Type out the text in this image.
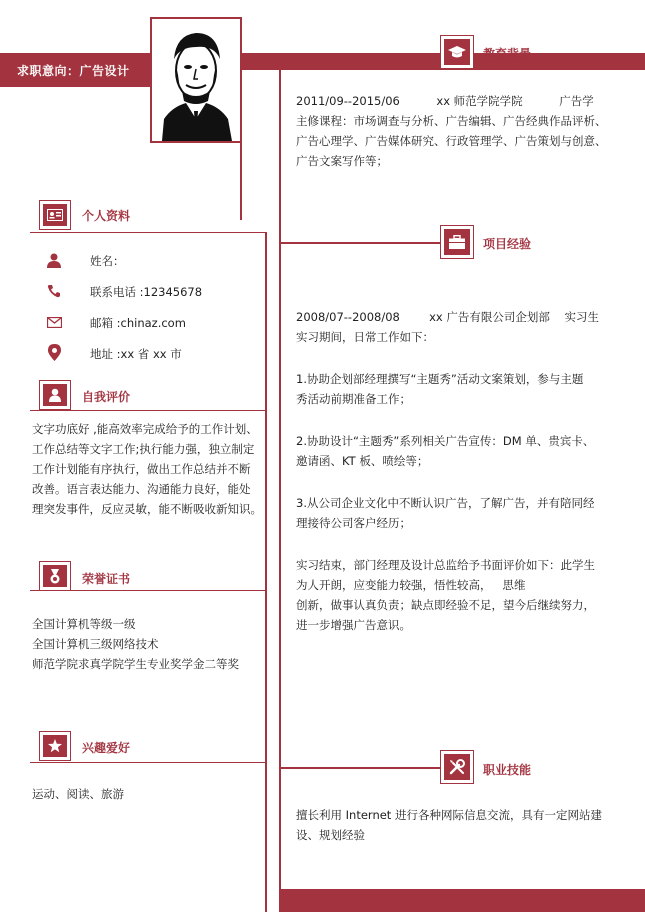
求职意向：广告设计
个人资料
姓名：
联系电话 :12345678
邮箱 :chinaz.com
地址 :xx 省 xx 市
自我评价
文字功底好 ,能高效率完成给予的工作计划、
工作总结等文字工作;执行能力强，独立制定
工作计划能有序执行，做出工作总结并不断
改善。语言表达能力、沟通能力良好，能处
理突发事件，反应灵敏，能不断吸收新知识。
荣誉证书
全国计算机等级一级
全国计算机三级网络技术
师范学院求真学院学生专业奖学金二等奖
兴趣爱好
运动、阅读、旅游
教育背景
2011/09--2015/06          xx 师范学院学院          广告学
主修课程：市场调查与分析、广告编辑、广告经典作品评析、
广告心理学、广告媒体研究、行政管理学、广告策划与创意、
广告文案写作等；
项目经验
2008/07--2008/08        xx 广告有限公司企划部    实习生
实习期间，日常工作如下：
1.协助企划部经理撰写“主题秀”活动文案策划，参与主题
秀活动前期准备工作；
2.协助设计“主题秀”系列相关广告宣传：DM 单、贵宾卡、
邀请函、KT 板、喷绘等；
3.从公司企业文化中不断认识广告，了解广告，并有陪同经
理接待公司客户经历；
实习结束，部门经理及设计总监给予书面评价如下：此学生
为人开朗，应变能力较强，悟性较高，   思维
创新，做事认真负责；缺点即经验不足，望今后继续努力，
进一步增强广告意识。
职业技能
擅长利用 Internet 进行各种网际信息交流，具有一定网站建
设、规划经验
